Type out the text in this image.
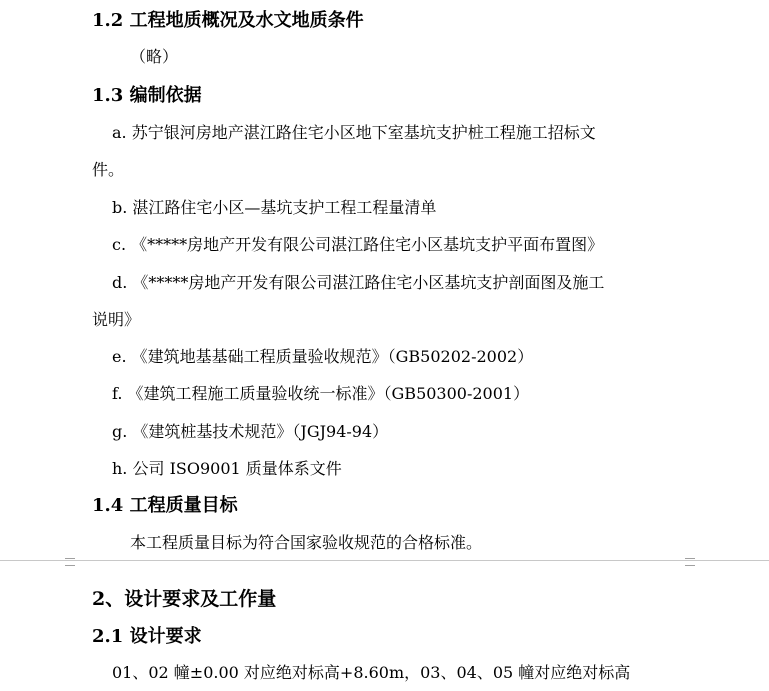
1.2 工程地质概况及水文地质条件
（略）
1.3 编制依据
a. 苏宁银河房地产湛江路住宅小区地下室基坑支护桩工程施工招标文
件。
b. 湛江路住宅小区—基坑支护工程工程量清单
c. 《*****房地产开发有限公司湛江路住宅小区基坑支护平面布置图》
d. 《*****房地产开发有限公司湛江路住宅小区基坑支护剖面图及施工
说明》
e. 《建筑地基基础工程质量验收规范》（GB50202-2002）
f. 《建筑工程施工质量验收统一标准》（GB50300-2001）
g. 《建筑桩基技术规范》（JGJ94-94）
h. 公司 ISO9001 质量体系文件
1.4 工程质量目标
本工程质量目标为符合国家验收规范的合格标准。
2、设计要求及工作量
2.1 设计要求
01、02 幢±0.00 对应绝对标高+8.60m，03、04、05 幢对应绝对标高
